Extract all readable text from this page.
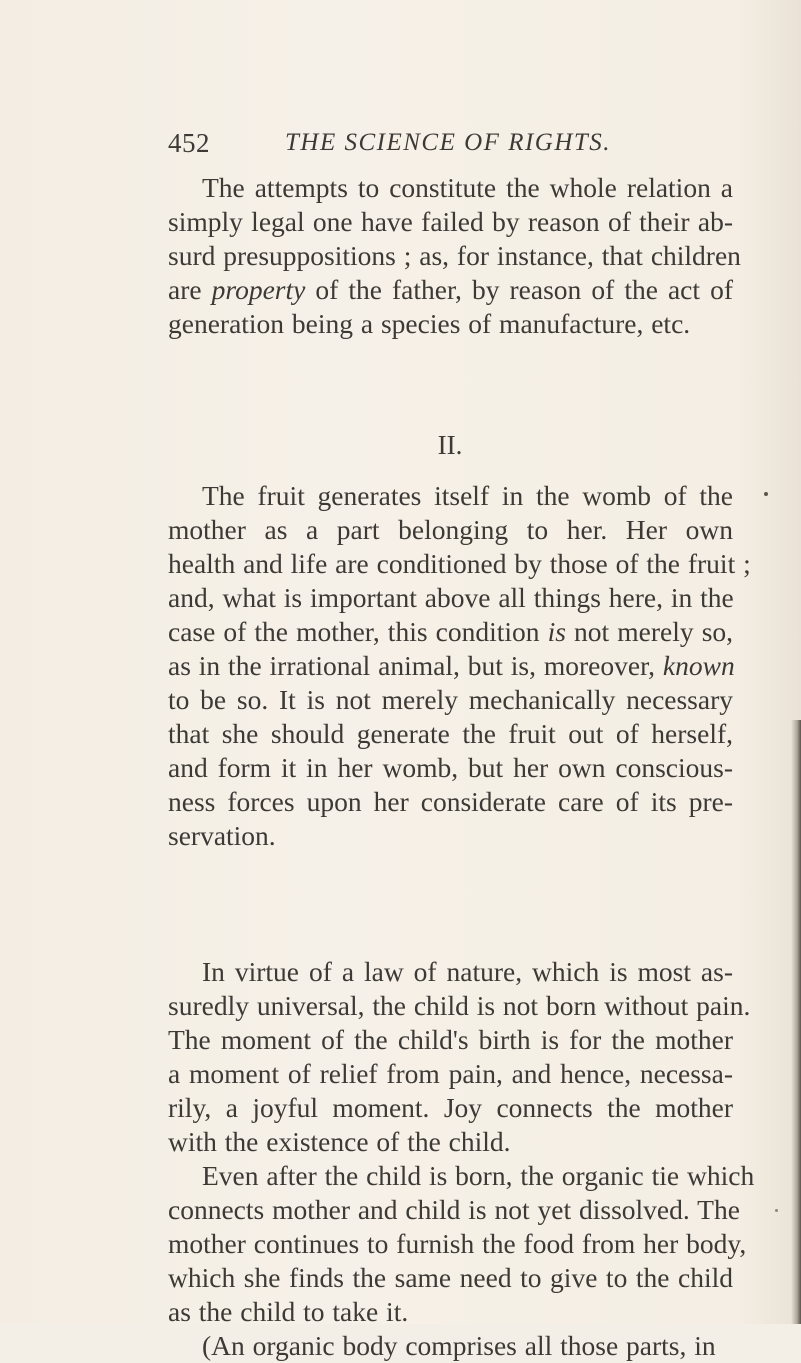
452	THE SCIENCE OF RIGHTS.
The attempts to constitute the whole relation a
simply legal one have failed by reason of their ab-
surd presuppositions ; as, for instance, that children
are property of the father, by reason of the act of
generation being a species of manufacture, etc.
II.
The fruit generates itself in the womb of the
mother as a part belonging to her. Her own
health and life are conditioned by those of the fruit ;
and, what is important above all things here, in the
case of the mother, this condition is not merely so,
as in the irrational animal, but is, moreover, known
to be so. It is not merely mechanically necessary
that she should generate the fruit out of herself,
and form it in her womb, but her own conscious-
ness forces upon her considerate care of its pre-
servation.
In virtue of a law of nature, which is most as-
suredly universal, the child is not born without pain.
The moment of the child's birth is for the mother
a moment of relief from pain, and hence, necessa-
rily, a joyful moment. Joy connects the mother
with the existence of the child.
Even after the child is born, the organic tie which
connects mother and child is not yet dissolved. The
mother continues to furnish the food from her body,
which she finds the same need to give to the child
as the child to take it.
(An organic body comprises all those parts, in
